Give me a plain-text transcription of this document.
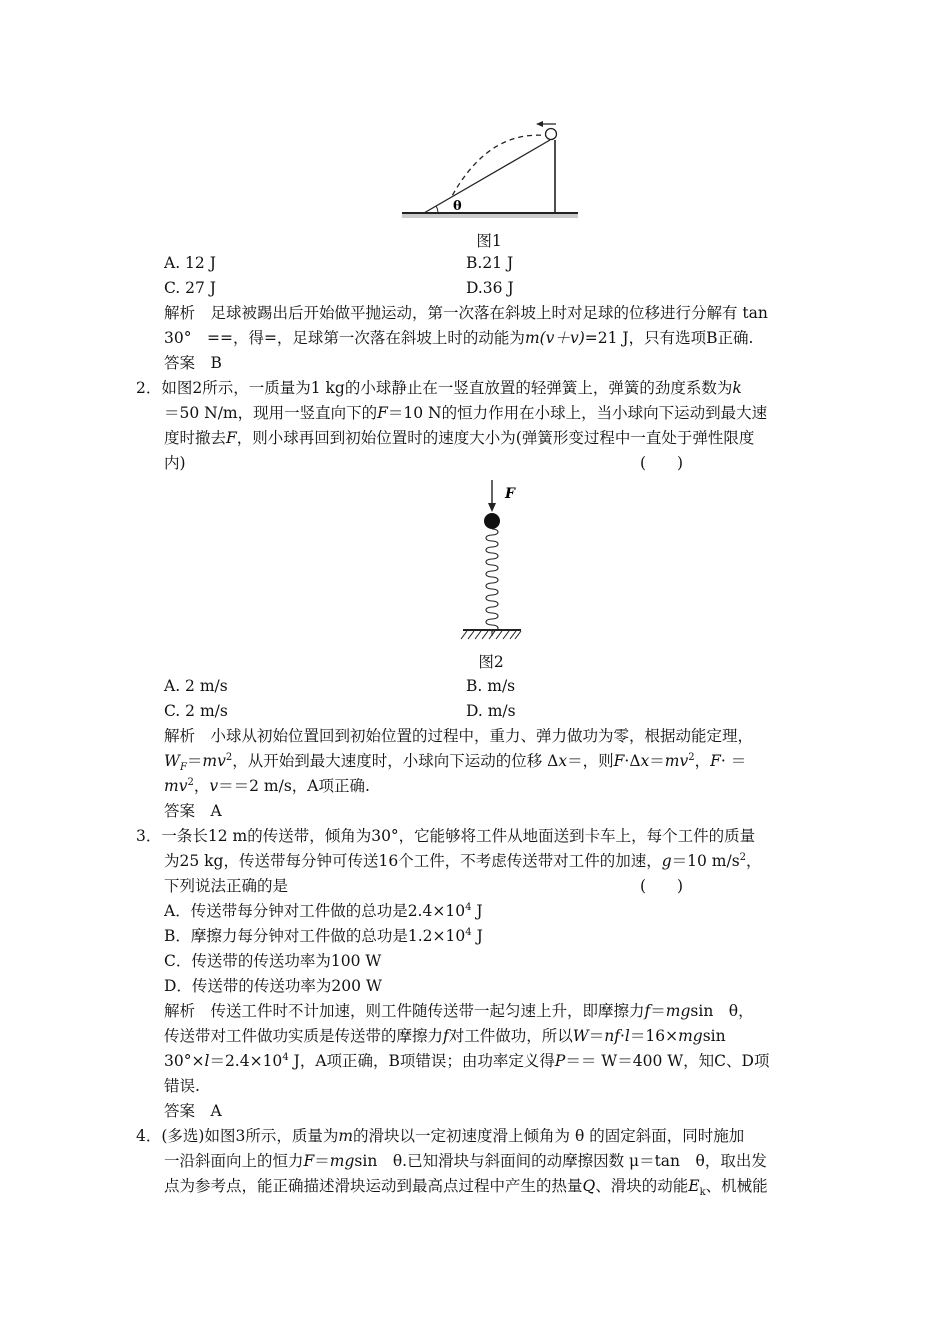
θ
图1
A. 12 J	B.21 J
C. 27 J	D.36 J
解析　足球被踢出后开始做平抛运动，第一次落在斜坡上时对足球的位移进行分解有 tan
30°　==，得=，足球第一次落在斜坡上时的动能为m(v＋v)=21 J，只有选项B正确.
答案　B
2．如图2所示，一质量为1 kg的小球静止在一竖直放置的轻弹簧上，弹簧的劲度系数为k
＝50 N/m，现用一竖直向下的F＝10 N的恒力作用在小球上，当小球向下运动到最大速
度时撤去F，则小球再回到初始位置时的速度大小为(弹簧形变过程中一直处于弹性限度
内)	(　　)
F
图2
A. 2 m/s	B. m/s
C. 2 m/s	D. m/s
解析　小球从初始位置回到初始位置的过程中，重力、弹力做功为零，根据动能定理，
$W_F=mv^2$，从开始到最大速度时，小球向下运动的位移 Δx＝，则$F\cdot\Delta x=mv^2$，F· ＝
$mv^2$，v＝＝2 m/s，A项正确.
答案　A
3．一条长12 m的传送带，倾角为30°，它能够将工件从地面送到卡车上，每个工件的质量
为25 kg，传送带每分钟可传送16个工件，不考虑传送带对工件的加速，g＝10 $m/s^2$，
下列说法正确的是	(　　)
A．传送带每分钟对工件做的总功是$2.4\times 10^4$ J
B．摩擦力每分钟对工件做的总功是$1.2\times 10^4$ J
C．传送带的传送功率为100 W
D．传送带的传送功率为200 W
解析　传送工件时不计加速，则工件随传送带一起匀速上升，即摩擦力f＝mgsin　θ，
传送带对工件做功实质是传送带的摩擦力f对工件做功，所以W＝nf·l＝16×mgsin
$30^\circ\times l=2.4\times 10^4$ J，A项正确，B项错误；由功率定义得P＝＝ W＝400 W，知C、D项
错误.
答案　A
4．(多选)如图3所示，质量为m的滑块以一定初速度滑上倾角为 θ 的固定斜面，同时施加
一沿斜面向上的恒力F＝mgsin　θ.已知滑块与斜面间的动摩擦因数 μ＝tan　θ，取出发
点为参考点，能正确描述滑块运动到最高点过程中产生的热量Q、滑块的动能$E_k$、机械能
